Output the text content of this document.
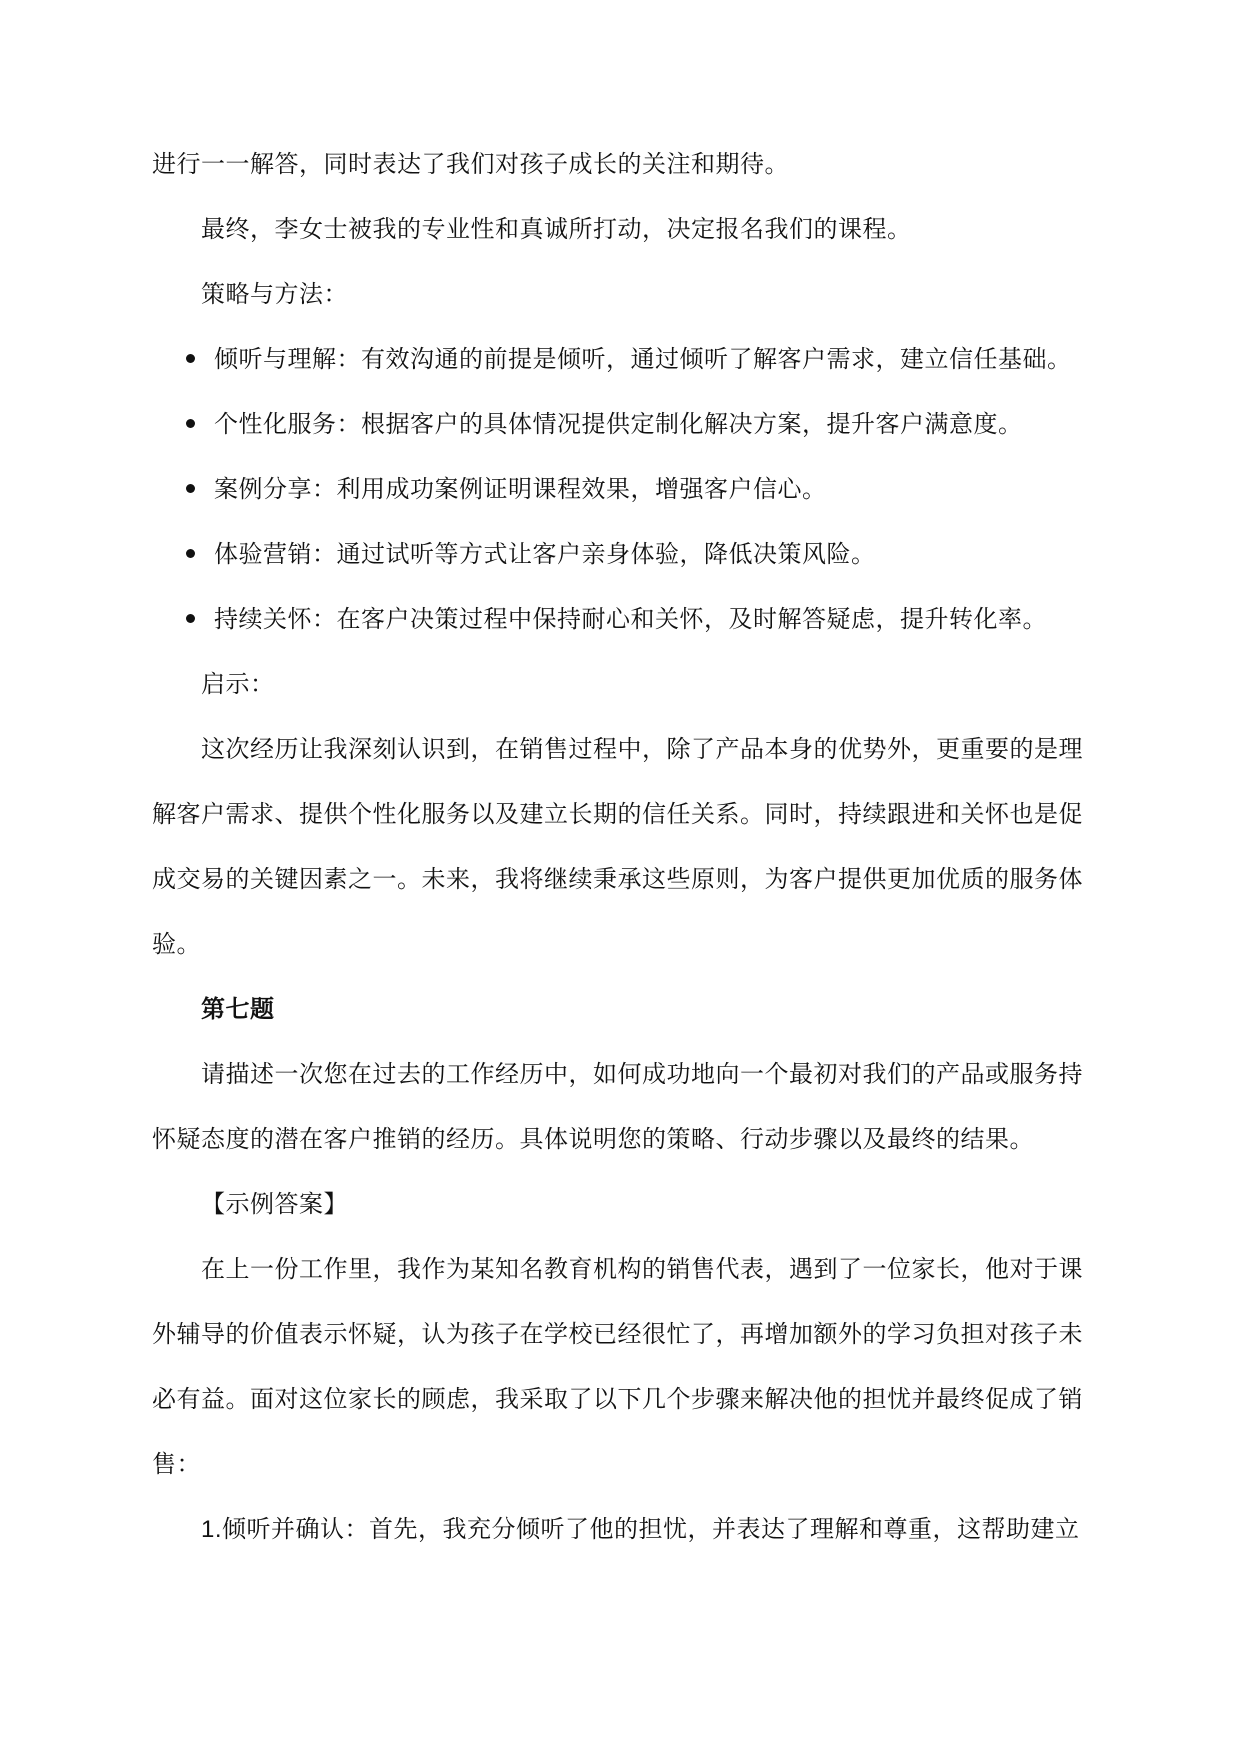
进行一一解答，同时表达了我们对孩子成长的关注和期待。
最终，李女士被我的专业性和真诚所打动，决定报名我们的课程。
策略与方法：
倾听与理解：有效沟通的前提是倾听，通过倾听了解客户需求，建立信任基础。
个性化服务：根据客户的具体情况提供定制化解决方案，提升客户满意度。
案例分享：利用成功案例证明课程效果，增强客户信心。
体验营销：通过试听等方式让客户亲身体验，降低决策风险。
持续关怀：在客户决策过程中保持耐心和关怀，及时解答疑虑，提升转化率。
启示：
这次经历让我深刻认识到，在销售过程中，除了产品本身的优势外，更重要的是理
解客户需求、提供个性化服务以及建立长期的信任关系。同时，持续跟进和关怀也是促
成交易的关键因素之一。未来，我将继续秉承这些原则，为客户提供更加优质的服务体
验。
第七题
请描述一次您在过去的工作经历中，如何成功地向一个最初对我们的产品或服务持
怀疑态度的潜在客户推销的经历。具体说明您的策略、行动步骤以及最终的结果。
【示例答案】
在上一份工作里，我作为某知名教育机构的销售代表，遇到了一位家长，他对于课
外辅导的价值表示怀疑，认为孩子在学校已经很忙了，再增加额外的学习负担对孩子未
必有益。面对这位家长的顾虑，我采取了以下几个步骤来解决他的担忧并最终促成了销
售：
1.倾听并确认：首先，我充分倾听了他的担忧，并表达了理解和尊重，这帮助建立
